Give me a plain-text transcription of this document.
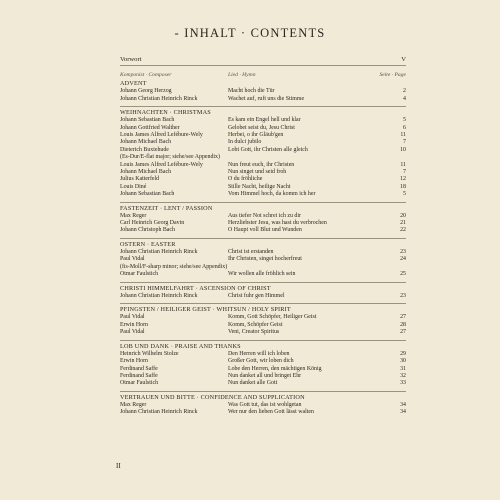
- INHALT · CONTENTS
Vorwort	V
Komponist · Composer	Lied · Hymn	Seite · Page
ADVENT
Johann Georg Herzog	Macht hoch die Tür	2
Johann Christian Heinrich Rinck	Wachet auf, ruft uns die Stimme	4
WEIHNACHTEN · CHRISTMAS
Johann Sebastian Bach	Es kam ein Engel hell und klar	5
Johann Gottfried Walther	Gelobet seist du, Jesu Christ	6
Louis James Alfred Lefébure-Wely	Herbei, o ihr Gläub'gen	11
Johann Michael Bach	In dulci jubilo	7
Dieterich Buxtehude	Lobt Gott, ihr Christen alle gleich	10
(Es-Dur/E-flat major; siehe/see Appendix)
Louis James Alfred Lefébure-Wely	Nun freut euch, ihr Christen	11
Johann Michael Bach	Nun singet und seid froh	7
Julius Katterfeld	O du fröhliche	12
Louis Diné	Stille Nacht, heilige Nacht	18
Johann Sebastian Bach	Vom Himmel hoch, da komm ich her	5
FASTENZEIT · LENT / PASSION
Max Reger	Aus tiefer Not schrei ich zu dir	20
Carl Heinrich Georg Davin	Herzliebster Jesu, was hast du verbrochen	21
Johann Christoph Bach	O Haupt voll Blut und Wunden	22
OSTERN · EASTER
Johann Christian Heinrich Rinck	Christ ist erstanden	23
Paul Vidal	Ihr Christen, singet hocherfreut	24
(fis-Moll/F-sharp minor; siehe/see Appendix)
Otmar Faulstich	Wir wollen alle fröhlich sein	25
CHRISTI HIMMELFAHRT · ASCENSION OF CHRIST
Johann Christian Heinrich Rinck	Christ fuhr gen Himmel	23
PFINGSTEN / HEILIGER GEIST · WHITSUN / HOLY SPIRIT
Paul Vidal	Komm, Gott Schöpfer, Heiliger Geist	27
Erwin Horn	Komm, Schöpfer Geist	28
Paul Vidal	Veni, Creator Spiritus	27
LOB UND DANK · PRAISE AND THANKS
Heinrich Wilhelm Stolze	Den Herren will ich loben	29
Erwin Horn	Großer Gott, wir loben dich	30
Ferdinand Saffe	Lobe den Herren, den mächtigen König	31
Ferdinand Saffe	Nun danket all und bringet Ehr	32
Otmar Faulstich	Nun danket alle Gott	33
VERTRAUEN UND BITTE · CONFIDENCE AND SUPPLICATION
Max Reger	Was Gott tut, das ist wohlgetan	34
Johann Christian Heinrich Rinck	Wer nur den lieben Gott lässt walten	34
II
